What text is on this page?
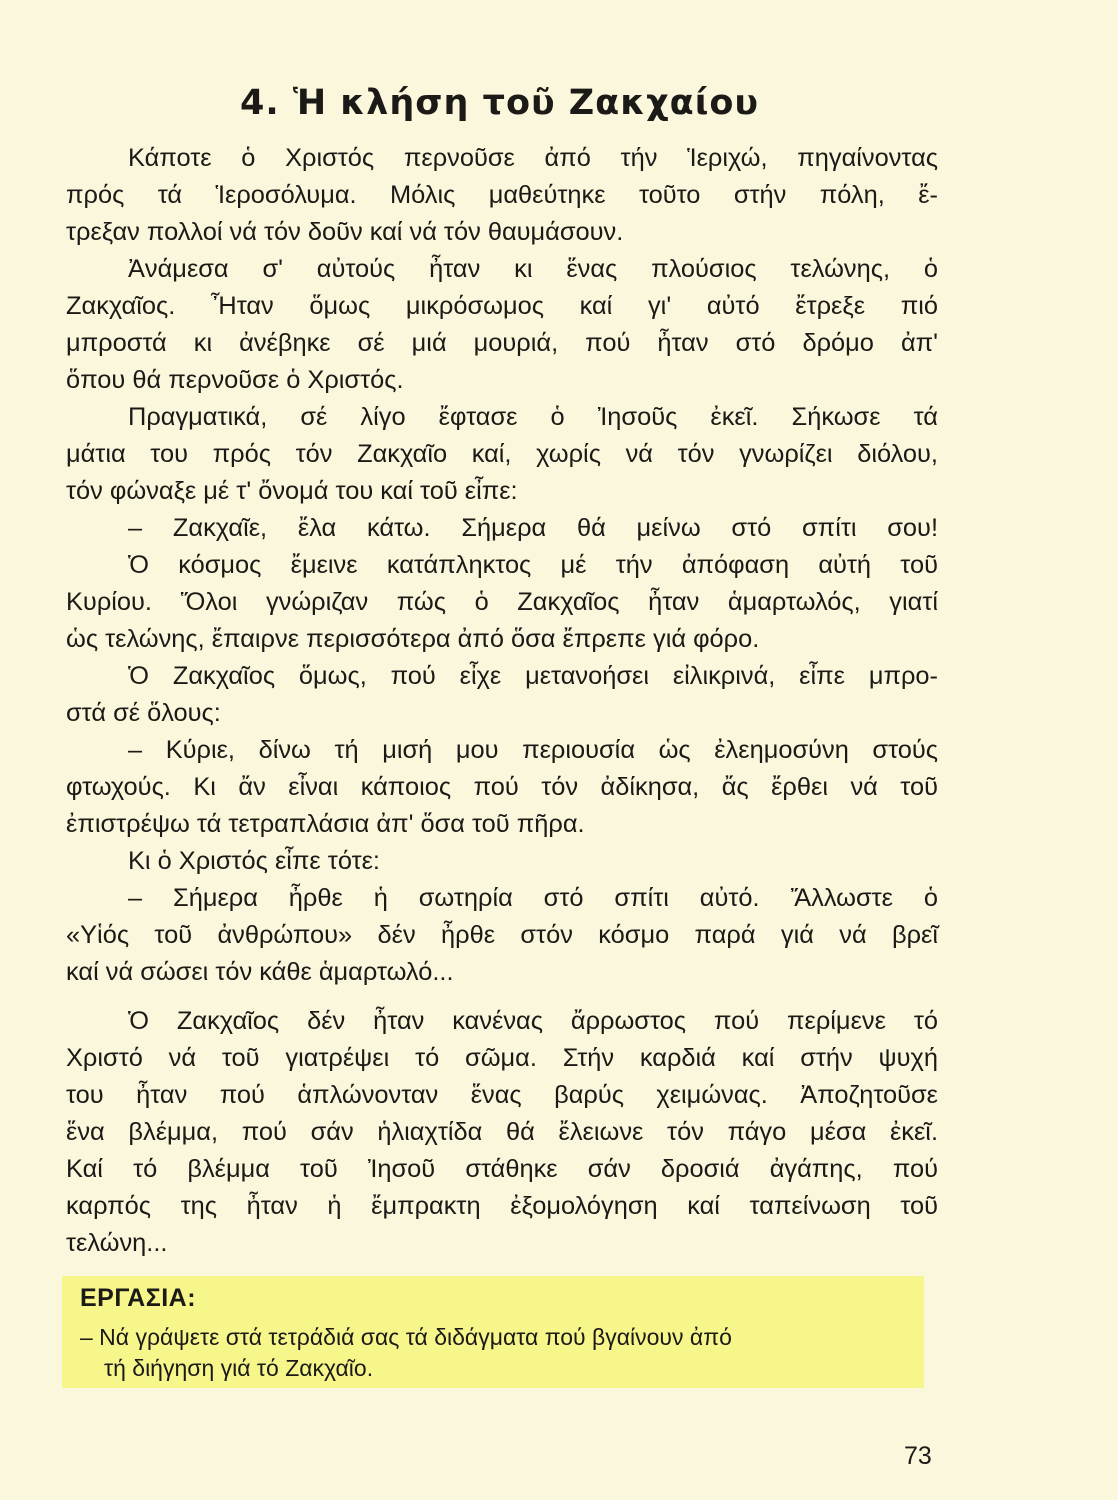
4. Ἡ κλήση τοῦ Ζακχαίου
Κάποτε ὁ Χριστός περνοῦσε ἀπό τήν Ἱεριχώ, πηγαίνοντας
πρός τά Ἱεροσόλυμα. Μόλις μαθεύτηκε τοῦτο στήν πόλη, ἔ-
τρεξαν πολλοί νά τόν δοῦν καί νά τόν θαυμάσουν.
Ἀνάμεσα σ' αὐτούς ἦταν κι ἕνας πλούσιος τελώνης, ὁ
Ζακχαῖος. Ἦταν ὅμως μικρόσωμος καί γι' αὐτό ἔτρεξε πιό
μπροστά κι ἀνέβηκε σέ μιά μουριά, πού ἦταν στό δρόμο ἀπ'
ὅπου θά περνοῦσε ὁ Χριστός.
Πραγματικά, σέ λίγο ἔφτασε ὁ Ἰησοῦς ἐκεῖ. Σήκωσε τά
μάτια του πρός τόν Ζακχαῖο καί, χωρίς νά τόν γνωρίζει διόλου,
τόν φώναξε μέ τ' ὄνομά του καί τοῦ εἶπε:
– Ζακχαῖε, ἔλα κάτω. Σήμερα θά μείνω στό σπίτι σου!
Ὁ κόσμος ἔμεινε κατάπληκτος μέ τήν ἀπόφαση αὐτή τοῦ
Κυρίου. Ὅλοι γνώριζαν πώς ὁ Ζακχαῖος ἦταν ἁμαρτωλός, γιατί
ὡς τελώνης, ἔπαιρνε περισσότερα ἀπό ὅσα ἔπρεπε γιά φόρο.
Ὁ Ζακχαῖος ὅμως, πού εἶχε μετανοήσει εἰλικρινά, εἶπε μπρο-
στά σέ ὅλους:
– Κύριε, δίνω τή μισή μου περιουσία ὡς ἐλεημοσύνη στούς
φτωχούς. Κι ἄν εἶναι κάποιος πού τόν ἀδίκησα, ἄς ἔρθει νά τοῦ
ἐπιστρέψω τά τετραπλάσια ἀπ' ὅσα τοῦ πῆρα.
Κι ὁ Χριστός εἶπε τότε:
– Σήμερα ἦρθε ἡ σωτηρία στό σπίτι αὐτό. Ἄλλωστε ὁ
«Υἱός τοῦ ἀνθρώπου» δέν ἦρθε στόν κόσμο παρά γιά νά βρεῖ
καί νά σώσει τόν κάθε ἁμαρτωλό...
Ὁ Ζακχαῖος δέν ἦταν κανένας ἄρρωστος πού περίμενε τό
Χριστό νά τοῦ γιατρέψει τό σῶμα. Στήν καρδιά καί στήν ψυχή
του ἦταν πού ἁπλώνονταν ἕνας βαρύς χειμώνας. Ἀποζητοῦσε
ἕνα βλέμμα, πού σάν ἡλιαχτίδα θά ἔλειωνε τόν πάγο μέσα ἐκεῖ.
Καί τό βλέμμα τοῦ Ἰησοῦ στάθηκε σάν δροσιά ἀγάπης, πού
καρπός της ἦταν ἡ ἔμπρακτη ἐξομολόγηση καί ταπείνωση τοῦ
τελώνη...
ΕΡΓΑΣΙΑ:
– Νά γράψετε στά τετράδιά σας τά διδάγματα πού βγαίνουν ἀπό
τή διήγηση γιά τό Ζακχαῖο.
73
